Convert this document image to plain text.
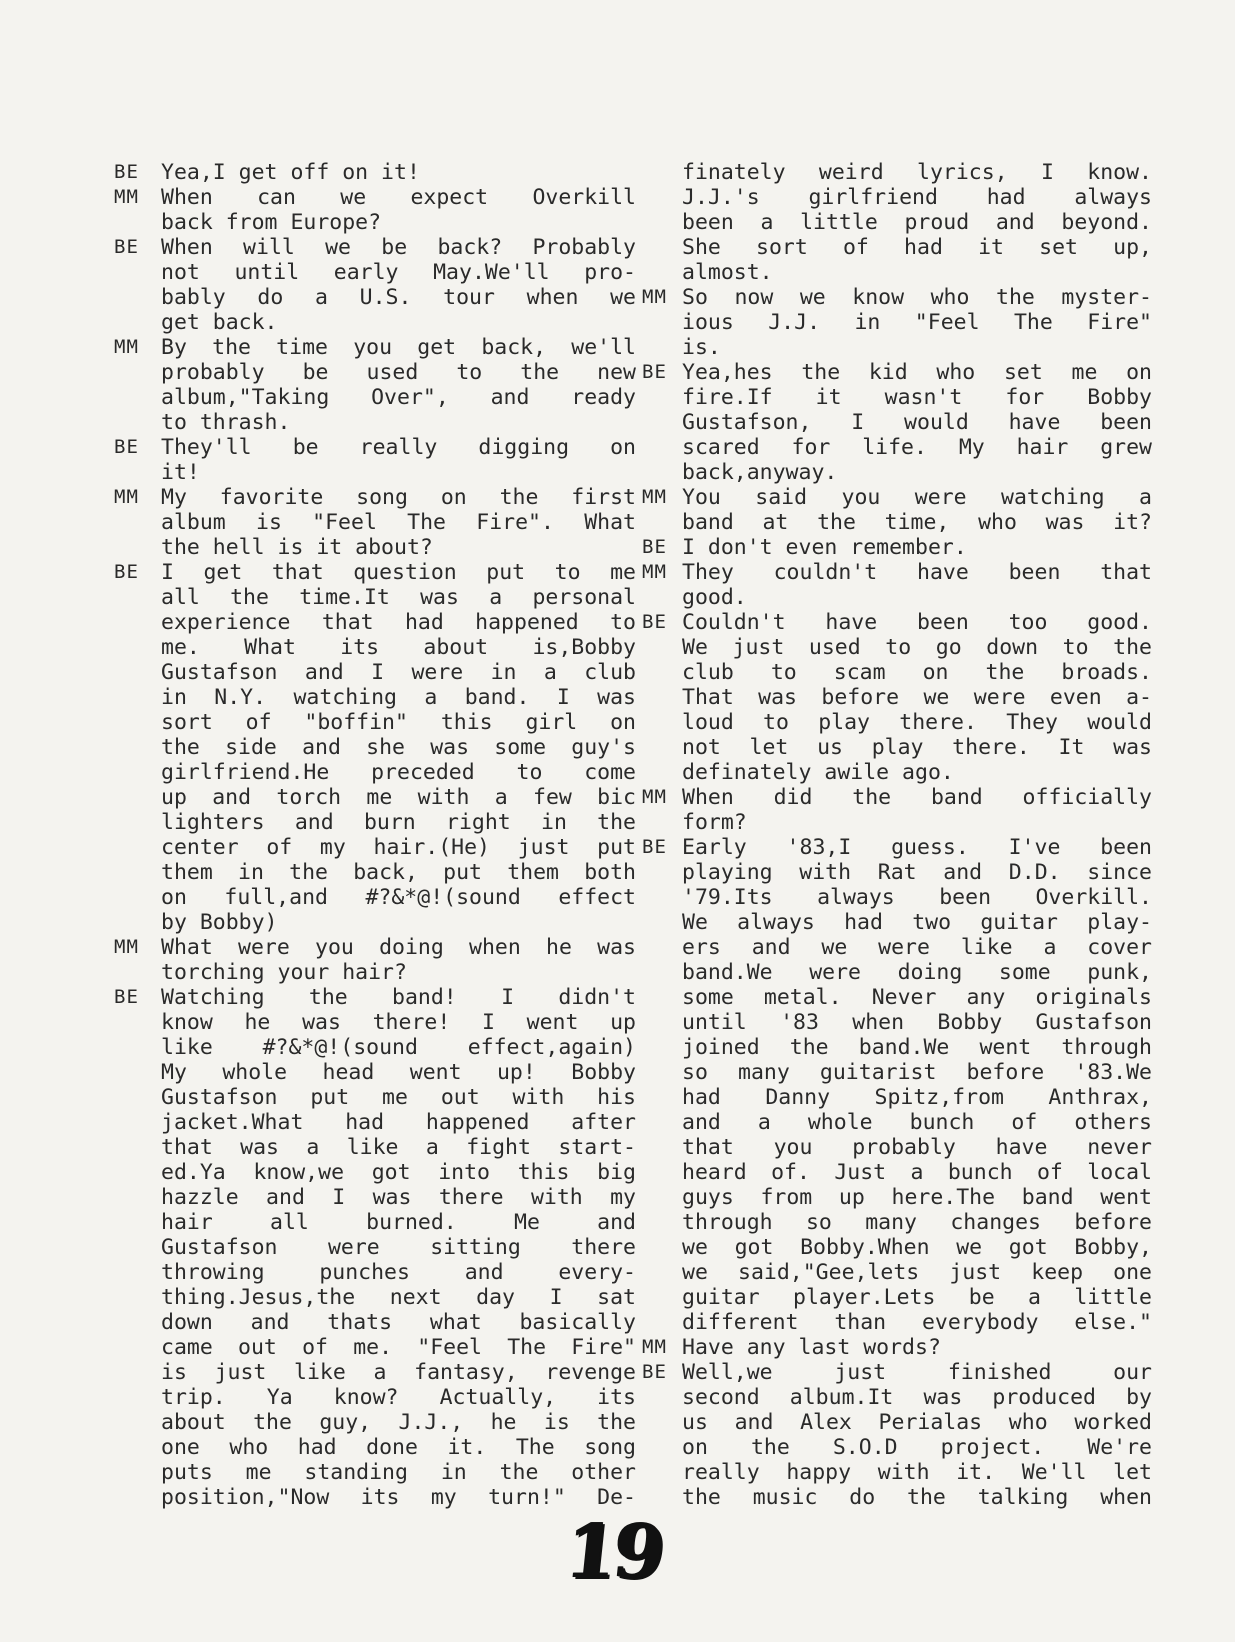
BE	Yea,I get off on it!
MM	When can we expect Overkill
back from Europe?
BE	When will we be back? Probably
not until early May.We'll pro-
bably do a U.S. tour when we
get back.
MM	By the time you get back, we'll
probably be used to the new
album,"Taking Over", and ready
to thrash.
BE	They'll be really digging on
it!
MM	My favorite song on the first
album is "Feel The Fire". What
the hell is it about?
BE	I get that question put to me
all the time.It was a personal
experience that had happened to
me. What its about is,Bobby
Gustafson and I were in a club
in N.Y. watching a band. I was
sort of "boffin" this girl on
the side and she was some guy's
girlfriend.He preceded to come
up and torch me with a few bic
lighters and burn right in the
center of my hair.(He) just put
them in the back, put them both
on full,and #?&*@!(sound effect
by Bobby)
MM	What were you doing when he was
torching your hair?
BE	Watching the band! I didn't
know he was there! I went up
like #?&*@!(sound effect,again)
My whole head went up! Bobby
Gustafson put me out with his
jacket.What had happened after
that was a like a fight start-
ed.Ya know,we got into this big
hazzle and I was there with my
hair all burned. Me and
Gustafson were sitting there
throwing punches and every-
thing.Jesus,the next day I sat
down and thats what basically
came out of me. "Feel The Fire"
is just like a fantasy, revenge
trip. Ya know? Actually, its
about the guy, J.J., he is the
one who had done it. The song
puts me standing in the other
position,"Now its my turn!" De-
finately weird lyrics, I know.
J.J.'s girlfriend had always
been a little proud and beyond.
She sort of had it set up,
almost.
MM So now we know who the myster-
ious J.J. in "Feel The Fire"
is.
BE Yea,hes the kid who set me on
fire.If it wasn't for Bobby
Gustafson, I would have been
scared for life. My hair grew
back,anyway.
MM You said you were watching a
band at the time, who was it?
BE I don't even remember.
MM They couldn't have been that
good.
BE Couldn't have been too good.
We just used to go down to the
club to scam on the broads.
That was before we were even a-
loud to play there. They would
not let us play there. It was
definately awile ago.
MM When did the band officially
form?
BE Early '83,I guess. I've been
playing with Rat and D.D. since
'79.Its always been Overkill.
We always had two guitar play-
ers and we were like a cover
band.We were doing some punk,
some metal. Never any originals
until '83 when Bobby Gustafson
joined the band.We went through
so many guitarist before '83.We
had Danny Spitz,from Anthrax,
and a whole bunch of others
that you probably have never
heard of. Just a bunch of local
guys from up here.The band went
through so many changes before
we got Bobby.When we got Bobby,
we said,"Gee,lets just keep one
guitar player.Lets be a little
different than everybody else."
MM Have any last words?
BE Well,we just finished our
second album.It was produced by
us and Alex Perialas who worked
on the S.O.D project. We're
really happy with it. We'll let
the music do the talking when
19
